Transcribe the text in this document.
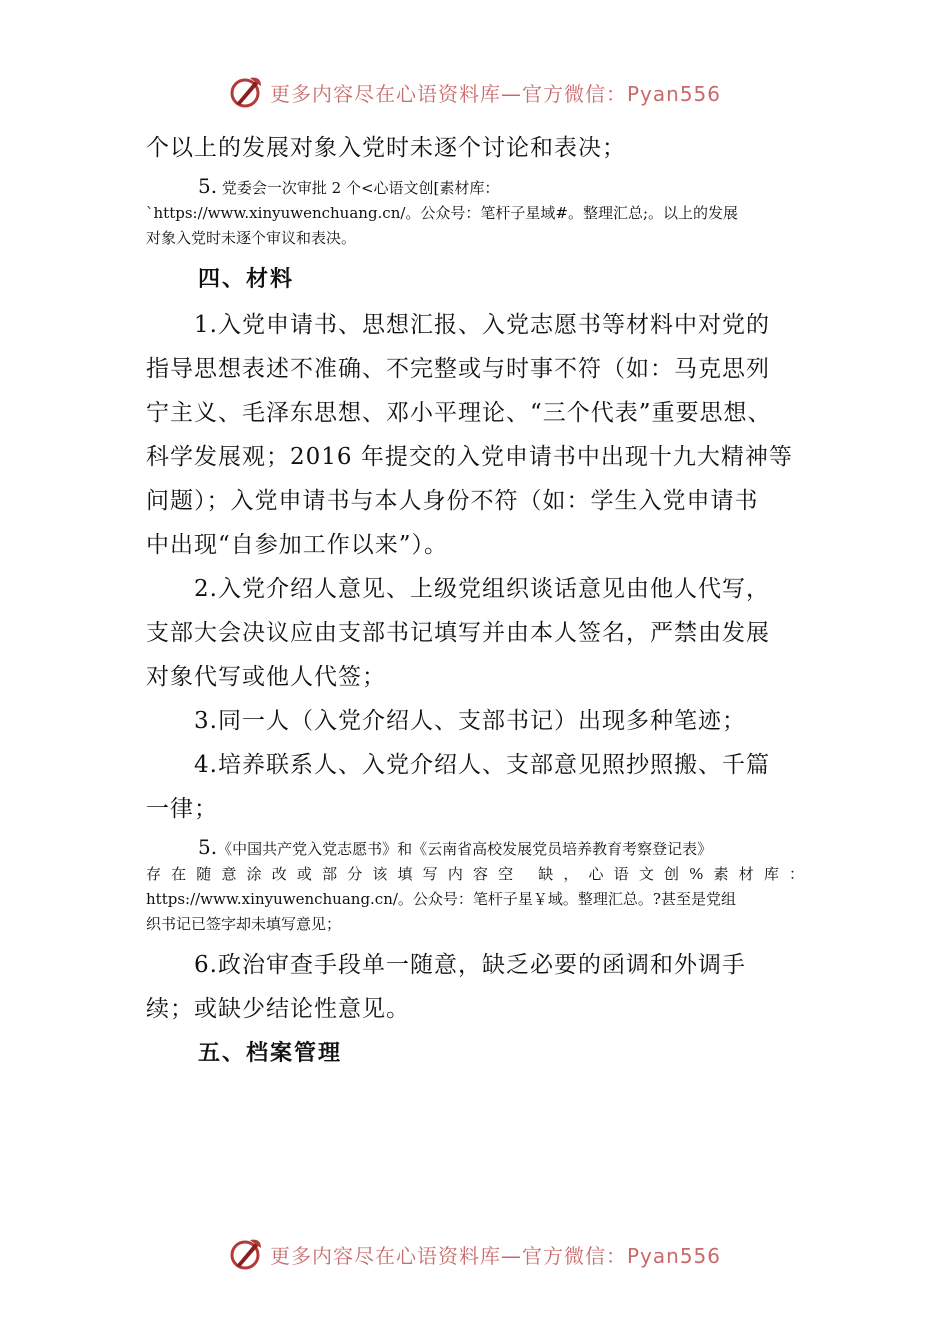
更多内容尽在心语资料库—官方微信：Pyan556

个以上的发展对象入党时未逐个讨论和表决；

5. 党委会一次审批 2 个<心语文创[素材库：
`https://www.xinyuwenchuang.cn/。公众号：笔杆子星域#。整理汇总;。以上的发展
对象入党时未逐个审议和表决。

四、材料

1.入党申请书、思想汇报、入党志愿书等材料中对党的
指导思想表述不准确、不完整或与时事不符（如：马克思列
宁主义、毛泽东思想、邓小平理论、“三个代表”重要思想、
科学发展观；2016 年提交的入党申请书中出现十九大精神等
问题）；入党申请书与本人身份不符（如：学生入党申请书
中出现“自参加工作以来”）。

2.入党介绍人意见、上级党组织谈话意见由他人代写，
支部大会决议应由支部书记填写并由本人签名，严禁由发展
对象代写或他人代签；

3.同一人（入党介绍人、支部书记）出现多种笔迹；

4.培养联系人、入党介绍人、支部意见照抄照搬、千篇
一律；

5.《中国共产党入党志愿书》和《云南省高校发展党员培养教育考察登记表》
存在随意涂改或部分该填写内容空 缺，心语文创%素材库：
https://www.xinyuwenchuang.cn/。公众号：笔杆子星￥域。整理汇总。?甚至是党组
织书记已签字却未填写意见；

6.政治审查手段单一随意，缺乏必要的函调和外调手
续；或缺少结论性意见。

五、档案管理

更多内容尽在心语资料库—官方微信：Pyan556
